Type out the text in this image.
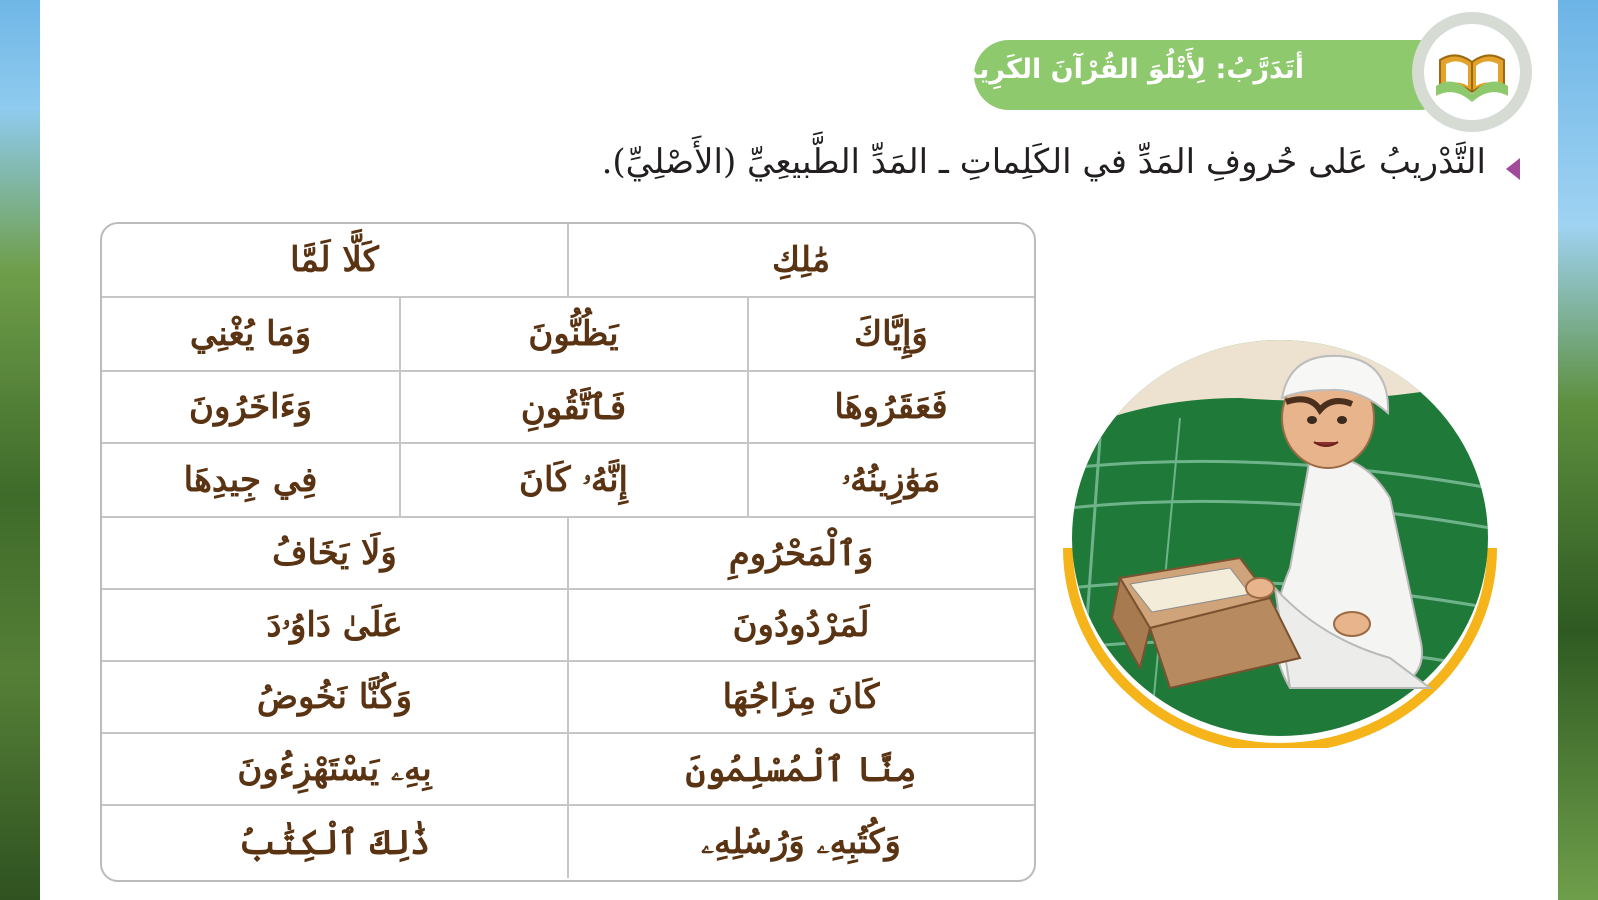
أتَدَرَّبُ: لِأَتْلُوَ القُرْآنَ الكَرِيمَ:
التَّدْريبُ عَلى حُروفِ المَدِّ في الكَلِماتِ ـ المَدِّ الطَّبيعِيِّ (الأَصْلِيِّ).
مَٰلِكِ
كَلَّا لَمَّا
وَإِيَّاكَ
يَظُنُّونَ
وَمَا يُغْنِي
فَعَقَرُوهَا
فَٱتَّقُونِ
وَءَاخَرُونَ
مَوَٰزِينُهُۥ
إِنَّهُۥ كَانَ
فِي جِيدِهَا
وَٱلْمَحْرُومِ
وَلَا يَخَافُ
لَمَرْدُودُونَ
عَلَىٰ دَاوُۥدَ
كَانَ مِزَاجُهَا
وَكُنَّا نَخُوضُ
مِنَّا ٱلْمُسْلِمُونَ
بِهِۦ يَسْتَهْزِءُونَ
وَكُتُبِهِۦ وَرُسُلِهِۦ
ذَٰلِكَ ٱلْكِتَٰبُ
